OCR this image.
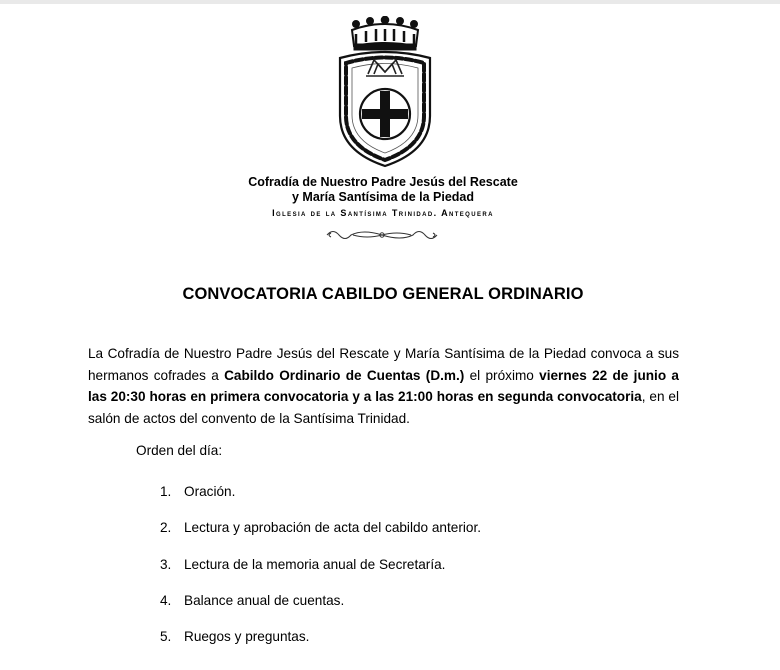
Cofradía de Nuestro Padre Jesús del Rescate
y María Santísima de la Piedad
Iglesia de la Santísima Trinidad. Antequera
CONVOCATORIA CABILDO GENERAL ORDINARIO
La Cofradía de Nuestro Padre Jesús del Rescate y María Santísima de la Piedad convoca a sus hermanos cofrades a Cabildo Ordinario de Cuentas (D.m.) el próximo viernes 22 de junio a las 20:30 horas en primera convocatoria y a las 21:00 horas en segunda convocatoria, en el salón de actos del convento de la Santísima Trinidad.
Orden del día:
1. Oración.
2. Lectura y aprobación de acta del cabildo anterior.
3. Lectura de la memoria anual de Secretaría.
4. Balance anual de cuentas.
5. Ruegos y preguntas.
